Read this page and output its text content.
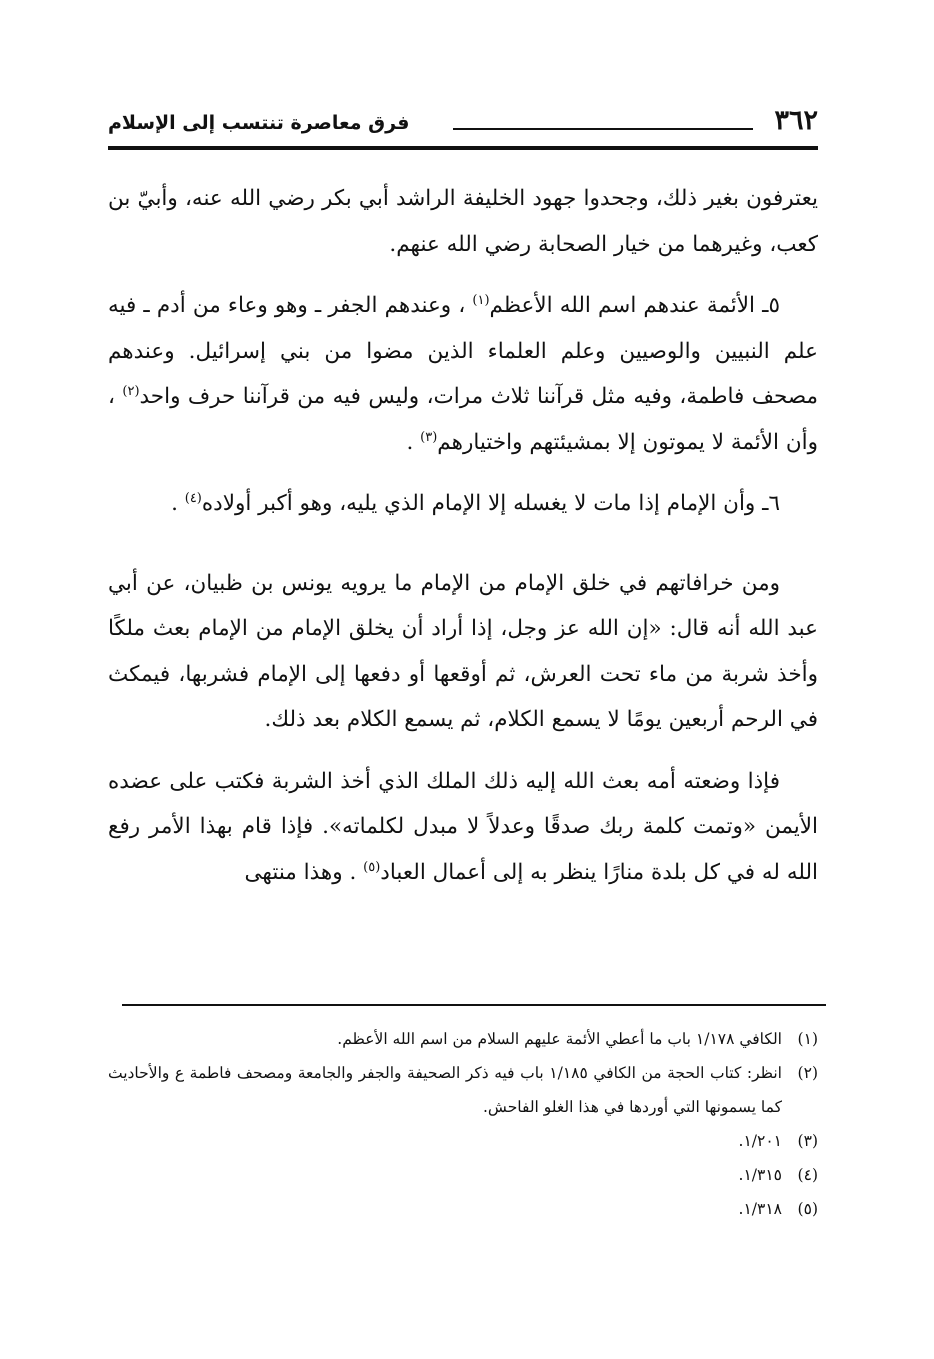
٣٦٢
فرق معاصرة تنتسب إلى الإسلام

يعترفون بغير ذلك، وجحدوا جهود الخليفة الراشد أبي بكر رضي الله عنه، وأبيّ بن كعب، وغيرهما من خيار الصحابة رضي الله عنهم.

٥ـ الأئمة عندهم اسم الله الأعظم$^{(١)}$ ، وعندهم الجفر ـ وهو وعاء من أدم ـ فيه علم النبيين والوصيين وعلم العلماء الذين مضوا من بني إسرائيل. وعندهم مصحف فاطمة، وفيه مثل قرآننا ثلاث مرات، وليس فيه من قرآننا حرف واحد$^{(٢)}$ ، وأن الأئمة لا يموتون إلا بمشيئتهم واختيارهم$^{(٣)}$ .

٦ـ وأن الإمام إذا مات لا يغسله إلا الإمام الذي يليه، وهو أكبر أولاده$^{(٤)}$ .

ومن خرافاتهم في خلق الإمام من الإمام ما يرويه يونس بن ظبيان، عن أبي عبد الله أنه قال: «إن الله عز وجل، إذا أراد أن يخلق الإمام من الإمام بعث ملكًا وأخذ شربة من ماء تحت العرش، ثم أوقعها أو دفعها إلى الإمام فشربها، فيمكث في الرحم أربعين يومًا لا يسمع الكلام، ثم يسمع الكلام بعد ذلك.

فإذا وضعته أمه بعث الله إليه ذلك الملك الذي أخذ الشربة فكتب على عضده الأيمن «وتمت كلمة ربك صدقًا وعدلاً لا مبدل لكلماته». فإذا قام بهذا الأمر رفع الله له في كل بلدة منارًا ينظر به إلى أعمال العباد$^{(٥)}$ . وهذا منتهى

(١)
الكافي ١/١٧٨ باب ما أعطي الأئمة عليهم السلام من اسم الله الأعظم.
(٢)
انظر: كتاب الحجة من الكافي ١/١٨٥ باب فيه ذكر الصحيفة والجفر والجامعة ومصحف فاطمة ع والأحاديث كما يسمونها التي أوردها في هذا الغلو الفاحش.
(٣)
١/٢٠١.
(٤)
١/٣١٥.
(٥)
١/٣١٨.
